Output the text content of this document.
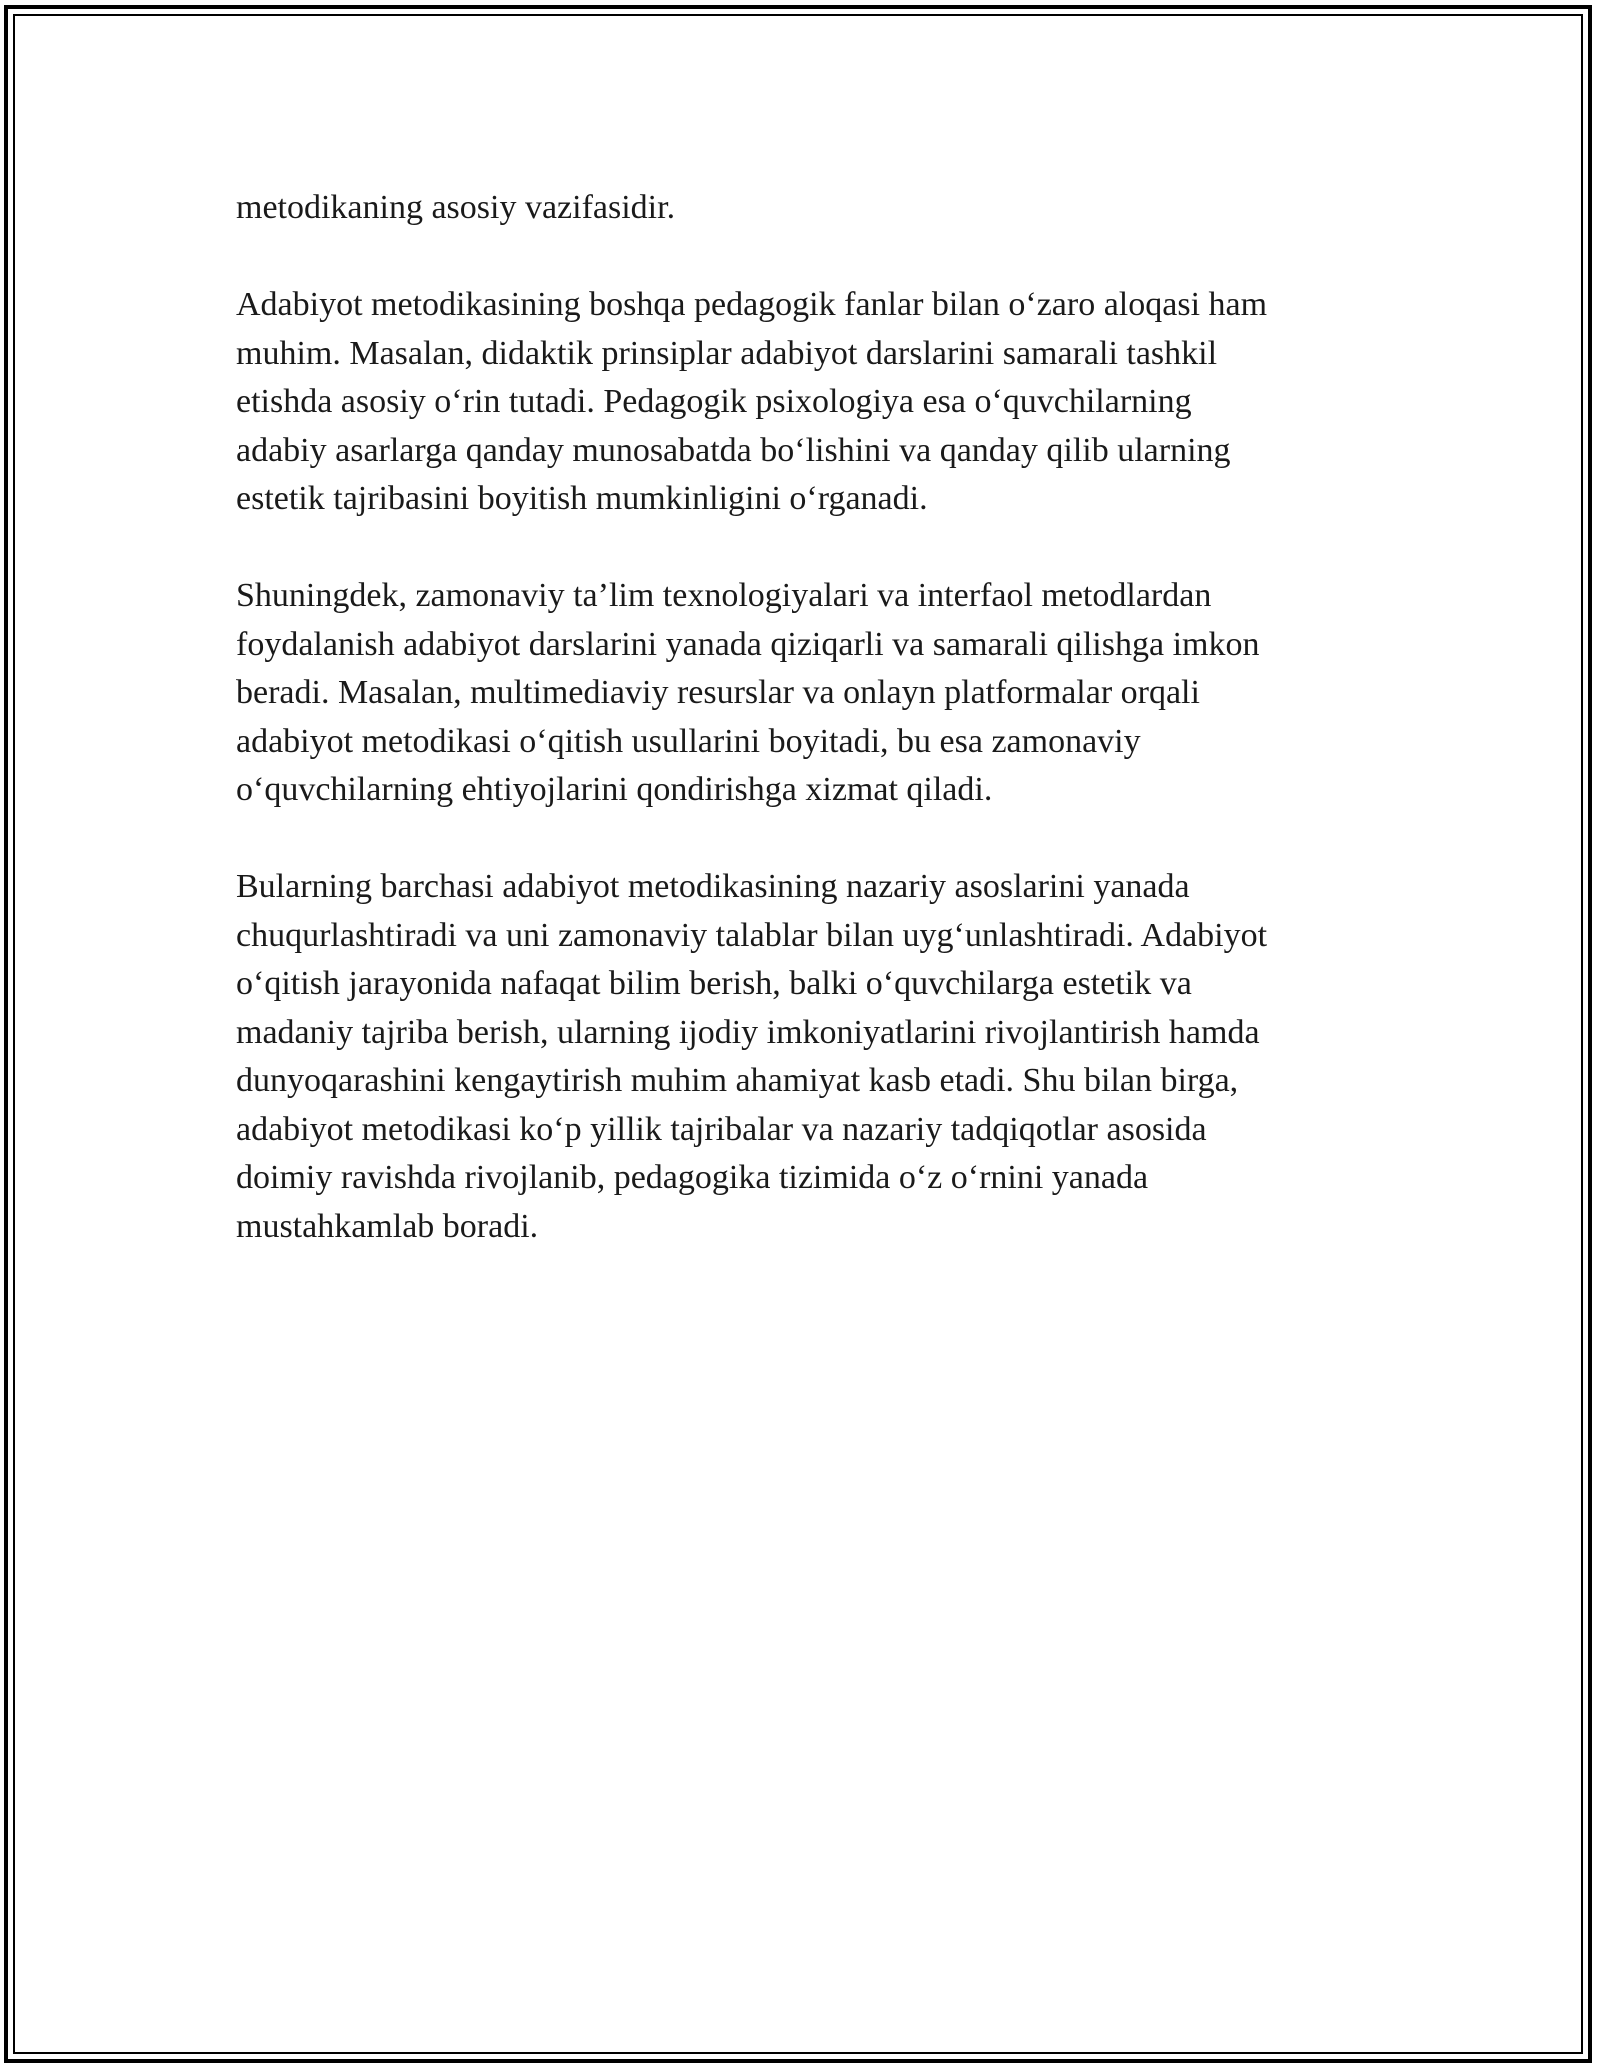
metodikaning asosiy vazifasidir.

Adabiyot metodikasining boshqa pedagogik fanlar bilan o‘zaro aloqasi ham
muhim. Masalan, didaktik prinsiplar adabiyot darslarini samarali tashkil
etishda asosiy o‘rin tutadi. Pedagogik psixologiya esa o‘quvchilarning
adabiy asarlarga qanday munosabatda bo‘lishini va qanday qilib ularning
estetik tajribasini boyitish mumkinligini o‘rganadi.

Shuningdek, zamonaviy ta’lim texnologiyalari va interfaol metodlardan
foydalanish adabiyot darslarini yanada qiziqarli va samarali qilishga imkon
beradi. Masalan, multimediaviy resurslar va onlayn platformalar orqali
adabiyot metodikasi o‘qitish usullarini boyitadi, bu esa zamonaviy
o‘quvchilarning ehtiyojlarini qondirishga xizmat qiladi.

Bularning barchasi adabiyot metodikasining nazariy asoslarini yanada
chuqurlashtiradi va uni zamonaviy talablar bilan uyg‘unlashtiradi. Adabiyot
o‘qitish jarayonida nafaqat bilim berish, balki o‘quvchilarga estetik va
madaniy tajriba berish, ularning ijodiy imkoniyatlarini rivojlantirish hamda
dunyoqarashini kengaytirish muhim ahamiyat kasb etadi. Shu bilan birga,
adabiyot metodikasi ko‘p yillik tajribalar va nazariy tadqiqotlar asosida
doimiy ravishda rivojlanib, pedagogika tizimida o‘z o‘rnini yanada
mustahkamlab boradi.
